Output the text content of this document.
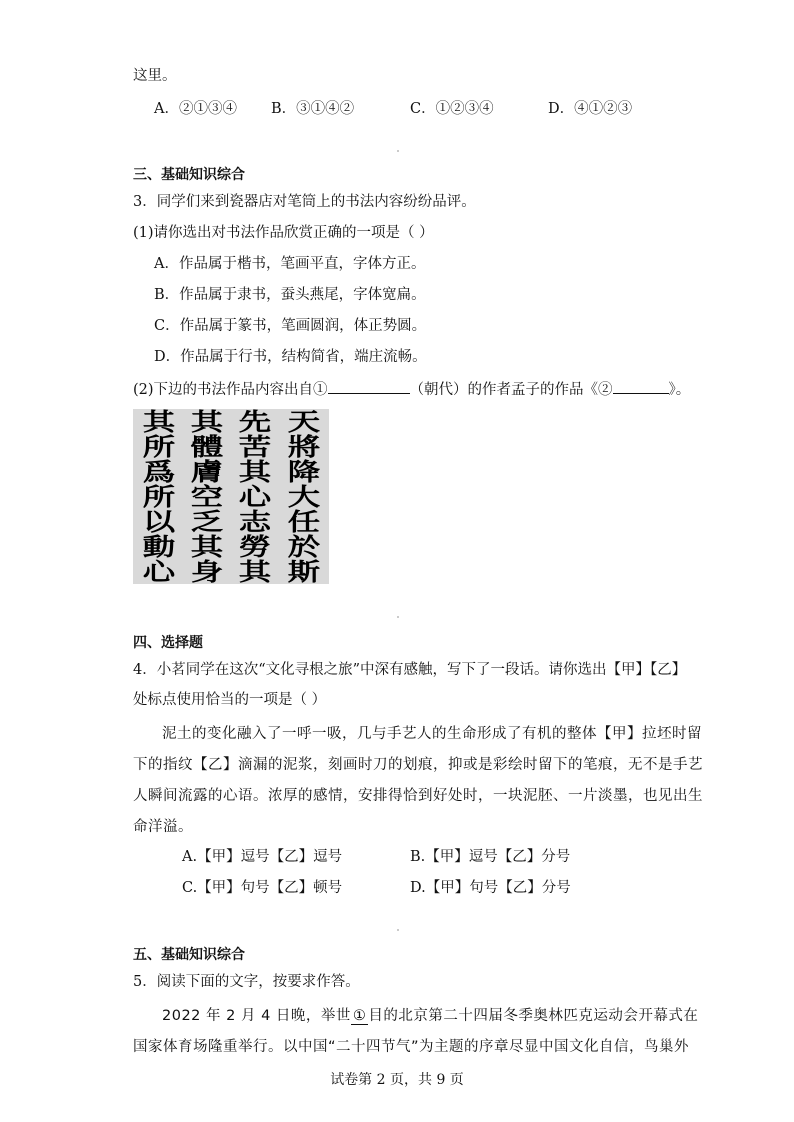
这里。
A．②①③④ B．③①④②	C．①②③④	D．④①②③
三、基础知识综合
3．同学们来到瓷器店对笔筒上的书法内容纷纷品评。
(1)请你选出对书法作品欣赏正确的一项是（ ）
A．作品属于楷书，笔画平直，字体方正。
B．作品属于隶书，蚕头燕尾，字体宽扁。
C．作品属于篆书，笔画圆润，体正势圆。
D．作品属于行书，结构简省，端庄流畅。
(2)下边的书法作品内容出自①	（朝代）的作者孟子的作品《②	》。
天
將
降
大
任
於
斯
先
苦
其
心
志
勞
其
其
體
膚
空
乏
其
身
其
所
爲
所
以
動
心
四、选择题
4．小茗同学在这次“文化寻根之旅”中深有感触，写下了一段话。请你选出【甲】【乙】
处标点使用恰当的一项是（ ）
泥土的变化融入了一呼一吸，几与手艺人的生命形成了有机的整体【甲】拉坯时留
下的指纹【乙】滴漏的泥浆，刻画时刀的划痕，抑或是彩绘时留下的笔痕，无不是手艺
人瞬间流露的心语。浓厚的感情，安排得恰到好处时，一块泥胚、一片淡墨，也见出生
命洋溢。
A.【甲】逗号【乙】逗号	B.【甲】逗号【乙】分号
C.【甲】句号【乙】顿号	D.【甲】句号【乙】分号
五、基础知识综合
5．阅读下面的文字，按要求作答。
2022 年 2 月 4 日晚，举世 ① 目的北京第二十四届冬季奥林匹克运动会开幕式在
国家体育场隆重举行。以中国“二十四节气”为主题的序章尽显中国文化自信，鸟巢外
试卷第 2 页，共 9 页
